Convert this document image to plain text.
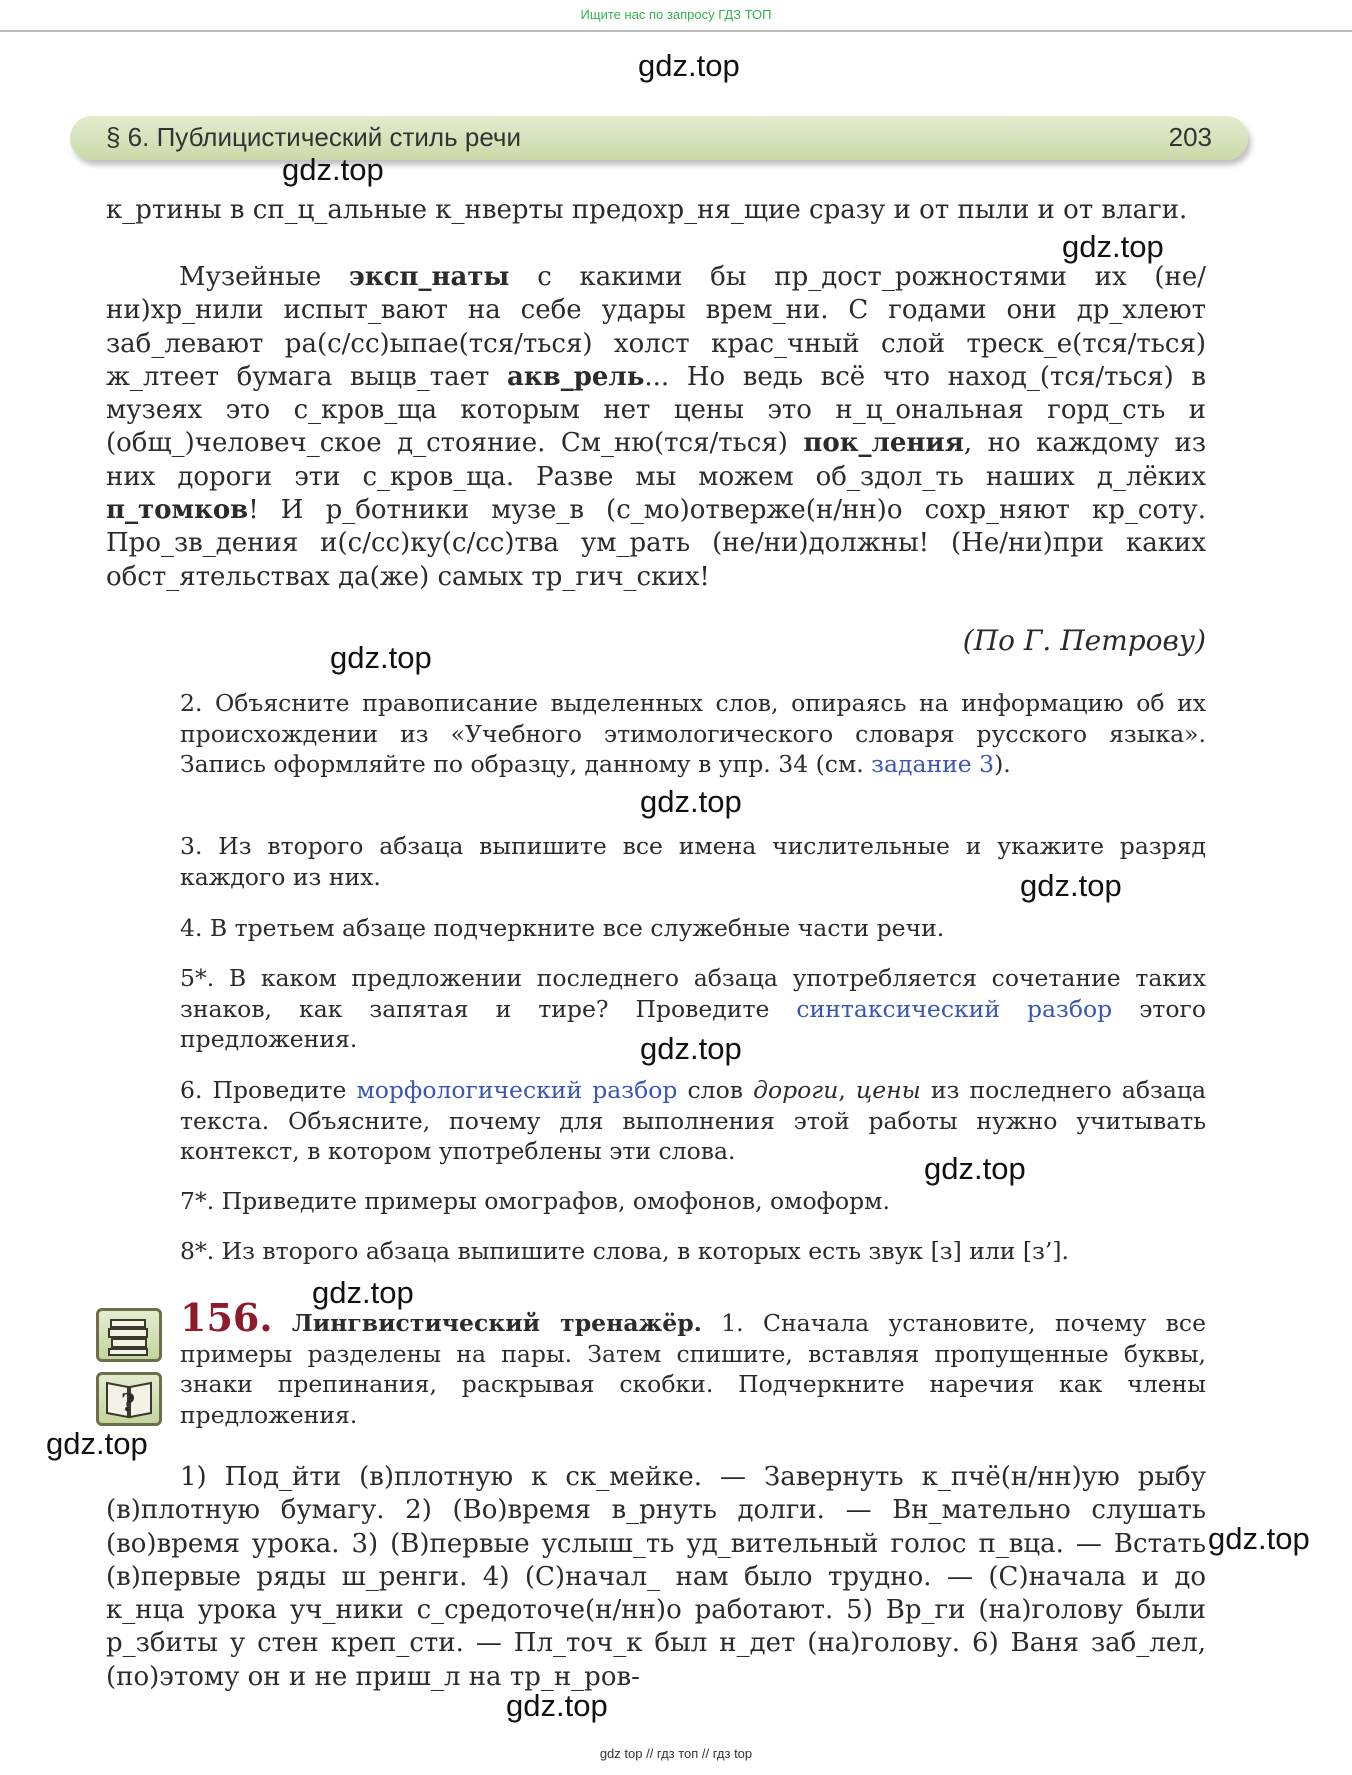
Ищите нас по запросу ГДЗ ТОП
gdz.top
§ 6. Публицистический стиль речи	203
gdz.top
gdz.top

к_ртины в сп_ц_альные к_нверты предохр_ня_щие сразу и от пыли и от влаги.

Музейные эксп_наты с какими бы пр_дост_рожностями их (не/ни)хр_нили испыт_вают на себе удары врем_ни. С годами они др_хлеют заб_левают ра(с/сс)ыпае(тся/ться) холст крас_чный слой треск_е(тся/ться) ж_лтеет бумага выцв_тает акв_рель... Но ведь всё что наход_(тся/ться) в музеях это с_кров_ща которым нет цены это н_ц_ональная горд_сть и (общ_)человеч_ское д_стояние. См_ню(тся/ться) пок_ления, но каждому из них дороги эти с_кров_ща. Разве мы можем об_здол_ть наших д_лёких п_томков! И р_ботники музе_в (с_мо)отверже(н/нн)о сохр_няют кр_соту. Про_зв_дения и(с/сс)ку(с/сс)тва ум_рать (не/ни)должны! (Не/ни)при каких обст_ятельствах да(же) самых тр_гич_ских!

(По Г. Петрову)
gdz.top

2. Объясните правописание выделенных слов, опираясь на информацию об их происхождении из «Учебного этимологического словаря русского языка». Запись оформляйте по образцу, данному в упр. 34 (см. задание 3).

gdz.top

3. Из второго абзаца выпишите все имена числительные и укажите разряд каждого из них.	gdz.top

4. В третьем абзаце подчеркните все служебные части речи.

5*. В каком предложении последнего абзаца употребляется сочетание таких знаков, как запятая и тире? Проведите синтаксический разбор этого предложения.	gdz.top

6. Проведите морфологический разбор слов дороги, цены из последнего абзаца текста. Объясните, почему для выполнения этой работы нужно учитывать контекст, в котором употреблены эти слова.	gdz.top

7*. Приведите примеры омографов, омофонов, омоформ.

8*. Из второго абзаца выпишите слова, в которых есть звук [з] или [з’].

gdz.top
?

156. Лингвистический тренажёр. 1. Сначала установите, почему все примеры разделены на пары. Затем спишите, вставляя пропущенные буквы, знаки препинания, раскрывая скобки. Подчеркните наречия как члены предложения.

gdz.top

1) Под_йти (в)плотную к ск_мейке. — Завернуть к_пчё(н/нн)ую рыбу (в)плотную бумагу. 2) (Во)время в_рнуть долги. — Вн_мательно слушать (во)время урока. 3) (В)первые услыш_ть уд_вительный голос п_вца. — Встать (в)первые ряды ш_ренги. 4) (С)начал_ нам было трудно. — (С)начала и до к_нца урока уч_ники с_средоточе(н/нн)о работают. 5) Вр_ги (на)голову были р_збиты у стен креп_сти. — Пл_точ_к был н_дет (на)голову. 6) Ваня заб_лел, (по)этому он и не приш_л на тр_н_ров-

gdz.top
gdz.top
gdz top // гдз топ // гдз top
